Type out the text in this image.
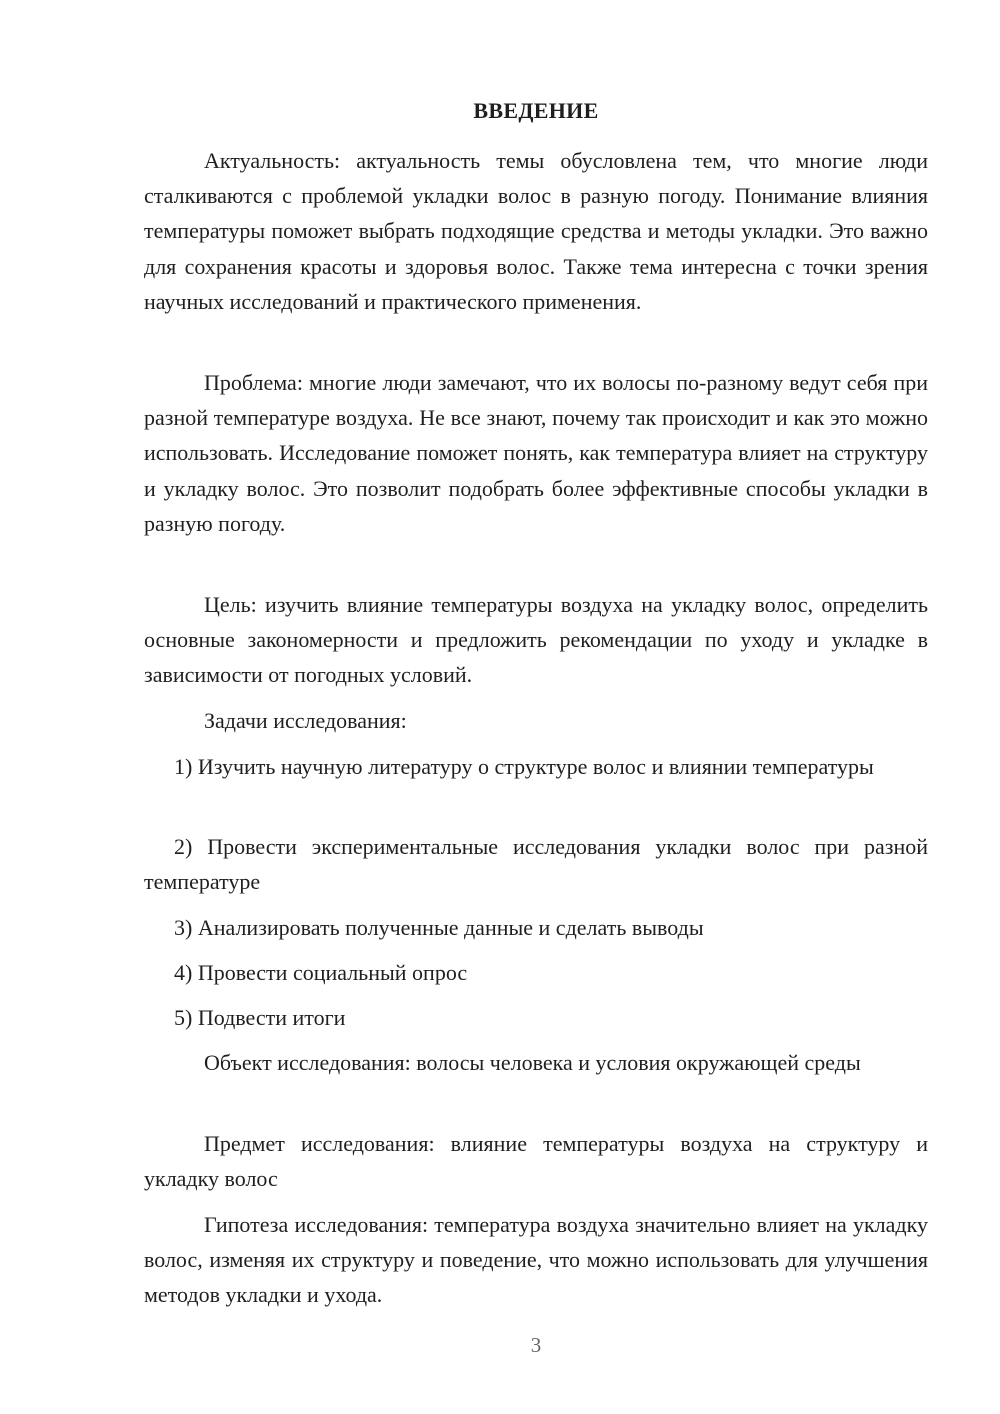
ВВЕДЕНИЕ

Актуальность: актуальность темы обусловлена тем, что многие люди сталкиваются с проблемой укладки волос в разную погоду. Понимание влияния температуры поможет выбрать подходящие средства и методы укладки. Это важно для сохранения красоты и здоровья волос. Также тема интересна с точки зрения научных исследований и практического применения.

Проблема: многие люди замечают, что их волосы по-разному ведут себя при разной температуре воздуха. Не все знают, почему так происходит и как это можно использовать. Исследование поможет понять, как температура влияет на структуру и укладку волос. Это позволит подобрать более эффективные способы укладки в разную погоду.

Цель: изучить влияние температуры воздуха на укладку волос, определить основные закономерности и предложить рекомендации по уходу и укладке в зависимости от погодных условий.

Задачи исследования:

1) Изучить научную литературу о структуре волос и влиянии температуры

2) Провести экспериментальные исследования укладки волос при разной температуре

3) Анализировать полученные данные и сделать выводы

4) Провести социальный опрос

5) Подвести итоги

Объект исследования: волосы человека и условия окружающей среды

Предмет исследования: влияние температуры воздуха на структуру и укладку волос

Гипотеза исследования: температура воздуха значительно влияет на укладку волос, изменяя их структуру и поведение, что можно использовать для улучшения методов укладки и ухода.

3
